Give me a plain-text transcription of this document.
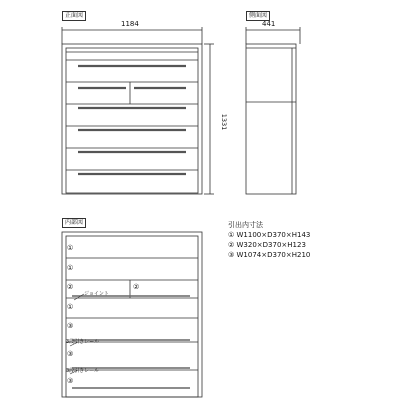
1331
正面図	側面図
内部図
1184	441
引出内寸法
① W1100×D370×H143
② W320×D370×H123
③ W1074×D370×H210
①
①
②	②
①
③
③
③
ジョイント
3段引きレール
3段引きレール
